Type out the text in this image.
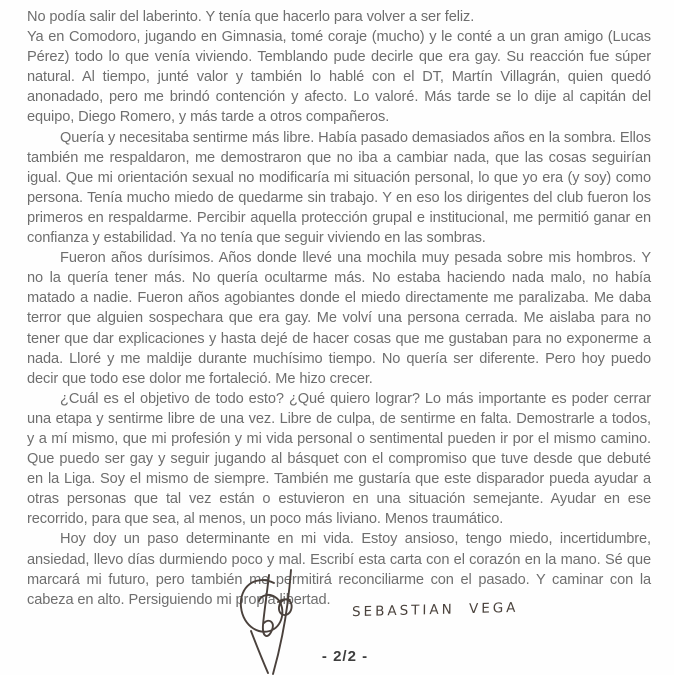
No podía salir del laberinto. Y tenía que hacerlo para volver a ser feliz.

Ya en Comodoro, jugando en Gimnasia, tomé coraje (mucho) y le conté a un gran amigo (Lucas Pérez) todo lo que venía viviendo. Temblando pude decirle que era gay. Su reacción fue súper natural. Al tiempo, junté valor y también lo hablé con el DT, Martín Villagrán, quien quedó anonadado, pero me brindó contención y afecto. Lo valoré. Más tarde se lo dije al capitán del equipo, Diego Romero, y más tarde a otros compañeros.

Quería y necesitaba sentirme más libre. Había pasado demasiados años en la sombra. Ellos también me respaldaron, me demostraron que no iba a cambiar nada, que las cosas seguirían igual. Que mi orientación sexual no modificaría mi situación personal, lo que yo era (y soy) como persona. Tenía mucho miedo de quedarme sin trabajo. Y en eso los dirigentes del club fueron los primeros en respaldarme. Percibir aquella protección grupal e institucional, me permitió ganar en confianza y estabilidad. Ya no tenía que seguir viviendo en las sombras.

Fueron años durísimos. Años donde llevé una mochila muy pesada sobre mis hombros. Y no la quería tener más. No quería ocultarme más. No estaba haciendo nada malo, no había matado a nadie. Fueron años agobiantes donde el miedo directamente me paralizaba. Me daba terror que alguien sospechara que era gay. Me volví una persona cerrada. Me aislaba para no tener que dar explicaciones y hasta dejé de hacer cosas que me gustaban para no exponerme a nada. Lloré y me maldije durante muchísimo tiempo. No quería ser diferente. Pero hoy puedo decir que todo ese dolor me fortaleció. Me hizo crecer.

¿Cuál es el objetivo de todo esto? ¿Qué quiero lograr? Lo más importante es poder cerrar una etapa y sentirme libre de una vez. Libre de culpa, de sentirme en falta. Demostrarle a todos, y a mí mismo, que mi profesión y mi vida personal o sentimental pueden ir por el mismo camino. Que puedo ser gay y seguir jugando al básquet con el compromiso que tuve desde que debuté en la Liga. Soy el mismo de siempre. También me gustaría que este disparador pueda ayudar a otras personas que tal vez están o estuvieron en una situación semejante. Ayudar en ese recorrido, para que sea, al menos, un poco más liviano. Menos traumático.

Hoy doy un paso determinante en mi vida. Estoy ansioso, tengo miedo, incertidumbre, ansiedad, llevo días durmiendo poco y mal. Escribí esta carta con el corazón en la mano. Sé que marcará mi futuro, pero también me permitirá reconciliarme con el pasado. Y caminar con la cabeza en alto. Persiguiendo mi propia libertad.

SEBASTIAN VEGA
- 2/2 -
